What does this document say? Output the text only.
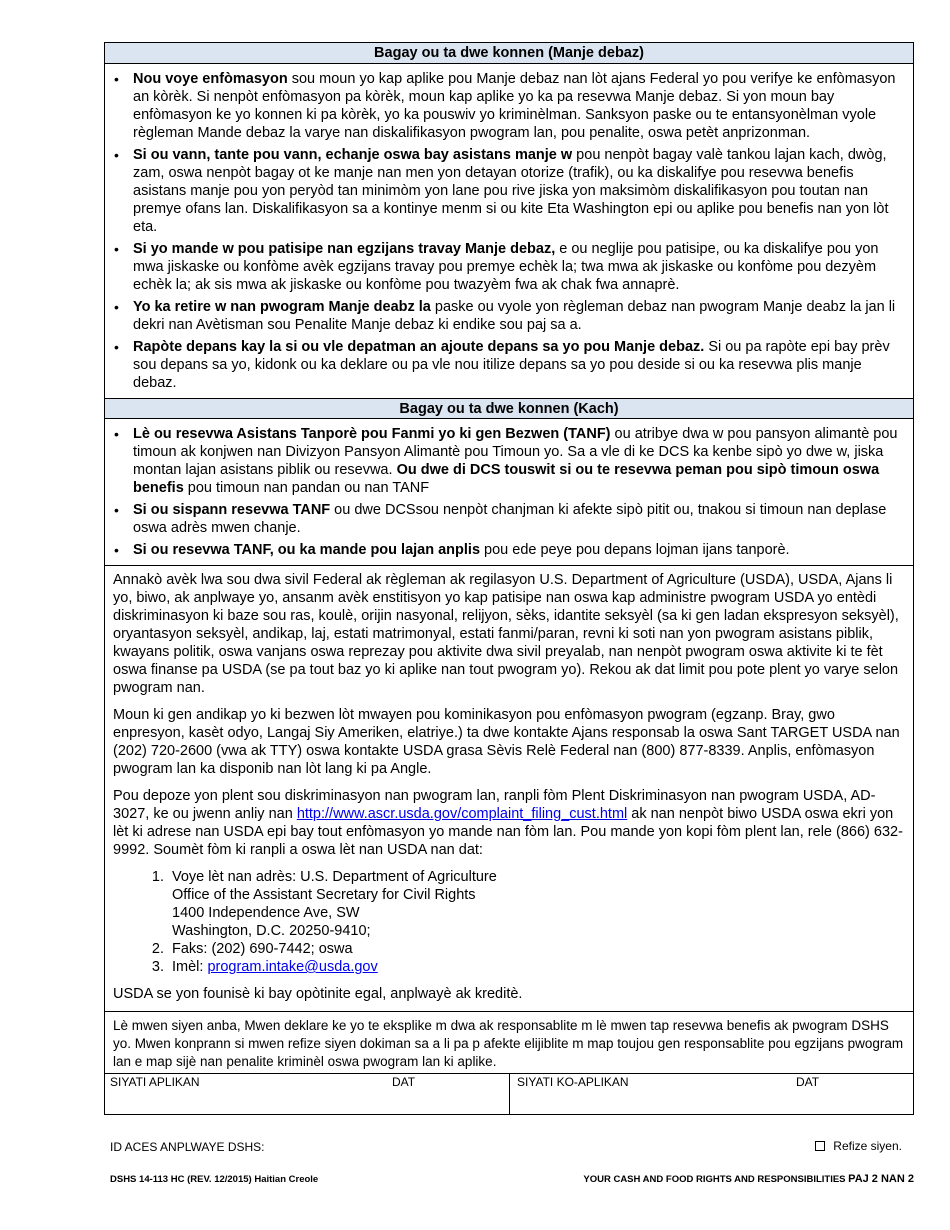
Bagay ou ta dwe konnen (Manje debaz)
• Nou voye enfòmasyon sou moun yo kap aplike pou Manje debaz nan lòt ajans Federal yo pou verifye ke enfòmasyon an kòrèk. Si nenpòt enfòmasyon pa kòrèk, moun kap aplike yo ka pa resevwa Manje debaz. Si yon moun bay enfòmasyon ke yo konnen ki pa kòrèk, yo ka pouswiv yo kriminèlman. Sanksyon paske ou te entansyonèlman vyole règleman Mande debaz la varye nan diskalifikasyon pwogram lan, pou penalite, oswa petèt anprizonman.
• Si ou vann, tante pou vann, echanje oswa bay asistans manje w pou nenpòt bagay valè tankou lajan kach, dwòg, zam, oswa nenpòt bagay ot ke manje nan men yon detayan otorize (trafik), ou ka diskalifye pou resevwa benefis asistans manje pou yon peryòd tan minimòm yon lane pou rive jiska yon maksimòm diskalifikasyon pou toutan nan premye ofans lan. Diskalifikasyon sa a kontinye menm si ou kite Eta Washington epi ou aplike pou benefis nan yon lòt eta.
• Si yo mande w pou patisipe nan egzijans travay Manje debaz, e ou neglije pou patisipe, ou ka diskalifye pou yon mwa jiskaske ou konfòme avèk egzijans travay pou premye echèk la; twa mwa ak jiskaske ou konfòme pou dezyèm echèk la; ak sis mwa ak jiskaske ou konfòme pou twazyèm fwa ak chak fwa annaprè.
• Yo ka retire w nan pwogram Manje deabz la paske ou vyole yon règleman debaz nan pwogram Manje deabz la jan li dekri nan Avètisman sou Penalite Manje debaz ki endike sou paj sa a.
• Rapòte depans kay la si ou vle depatman an ajoute depans sa yo pou Manje debaz. Si ou pa rapòte epi bay prèv sou depans sa yo, kidonk ou ka deklare ou pa vle nou itilize depans sa yo pou deside si ou ka resevwa plis manje debaz.
Bagay ou ta dwe konnen (Kach)
• Lè ou resevwa Asistans Tanporè pou Fanmi yo ki gen Bezwen (TANF) ou atribye dwa w pou pansyon alimantè pou timoun ak konjwen nan Divizyon Pansyon Alimantè pou Timoun yo. Sa a vle di ke DCS ka kenbe sipò yo dwe w, jiska montan lajan asistans piblik ou resevwa. Ou dwe di DCS touswit si ou te resevwa peman pou sipò timoun oswa benefis pou timoun nan pandan ou nan TANF
• Si ou sispann resevwa TANF ou dwe DCSsou nenpòt chanjman ki afekte sipò pitit ou, tnakou si timoun nan deplase oswa adrès mwen chanje.
• Si ou resevwa TANF, ou ka mande pou lajan anplis pou ede peye pou depans lojman ijans tanporè.

Annakò avèk lwa sou dwa sivil Federal ak règleman ak regilasyon U.S. Department of Agriculture (USDA), USDA, Ajans li yo, biwo, ak anplwaye yo, ansanm avèk enstitisyon yo kap patisipe nan oswa kap administre pwogram USDA yo entèdi diskriminasyon ki baze sou ras, koulè, orijin nasyonal, relijyon, sèks, idantite seksyèl (sa ki gen ladan ekspresyon seksyèl), oryantasyon seksyèl, andikap, laj, estati matrimonyal, estati fanmi/paran, revni ki soti nan yon pwogram asistans piblik, kwayans politik, oswa vanjans oswa reprezay pou aktivite dwa sivil preyalab, nan nenpòt pwogram oswa aktivite ki te fèt oswa finanse pa USDA (se pa tout baz yo ki aplike nan tout pwogram yo). Rekou ak dat limit pou pote plent yo varye selon pwogram nan.

Moun ki gen andikap yo ki bezwen lòt mwayen pou kominikasyon pou enfòmasyon pwogram (egzanp. Bray, gwo enpresyon, kasèt odyo, Langaj Siy Ameriken, elatriye.) ta dwe kontakte Ajans responsab la oswa Sant TARGET USDA nan (202) 720-2600 (vwa ak TTY) oswa kontakte USDA grasa Sèvis Relè Federal nan (800) 877-8339. Anplis, enfòmasyon pwogram lan ka disponib nan lòt lang ki pa Angle.

Pou depoze yon plent sou diskriminasyon nan pwogram lan, ranpli fòm Plent Diskriminasyon nan pwogram USDA, AD-3027, ke ou jwenn anliy nan http://www.ascr.usda.gov/complaint_filing_cust.html ak nan nenpòt biwo USDA oswa ekri yon lèt ki adrese nan USDA epi bay tout enfòmasyon yo mande nan fòm lan. Pou mande yon kopi fòm plent lan, rele (866) 632-9992. Soumèt fòm ki ranpli a oswa lèt nan USDA nan dat:

1. Voye lèt nan adrès: U.S. Department of Agriculture
Office of the Assistant Secretary for Civil Rights
1400 Independence Ave, SW
Washington, D.C. 20250-9410;
2. Faks: (202) 690-7442; oswa
3. Imèl: program.intake@usda.gov

USDA se yon founisè ki bay opòtinite egal, anplwayè ak kreditè.

Lè mwen siyen anba, Mwen deklare ke yo te eksplike m dwa ak responsablite m lè mwen tap resevwa benefis ak pwogram DSHS yo. Mwen konprann si mwen refize siyen dokiman sa a li pa p afekte elijiblite m map toujou gen responsablite pou egzijans pwogram lan e map sijè nan penalite kriminèl oswa pwogram lan ki aplike.
SIYATI APLIKAN	DAT	SIYATI KO-APLIKAN	DAT
ID ACES ANPLWAYE DSHS:	Refize siyen.
DSHS 14-113 HC (REV. 12/2015) Haitian Creole	YOUR CASH AND FOOD RIGHTS AND RESPONSIBILITIES PAJ 2 NAN 2
